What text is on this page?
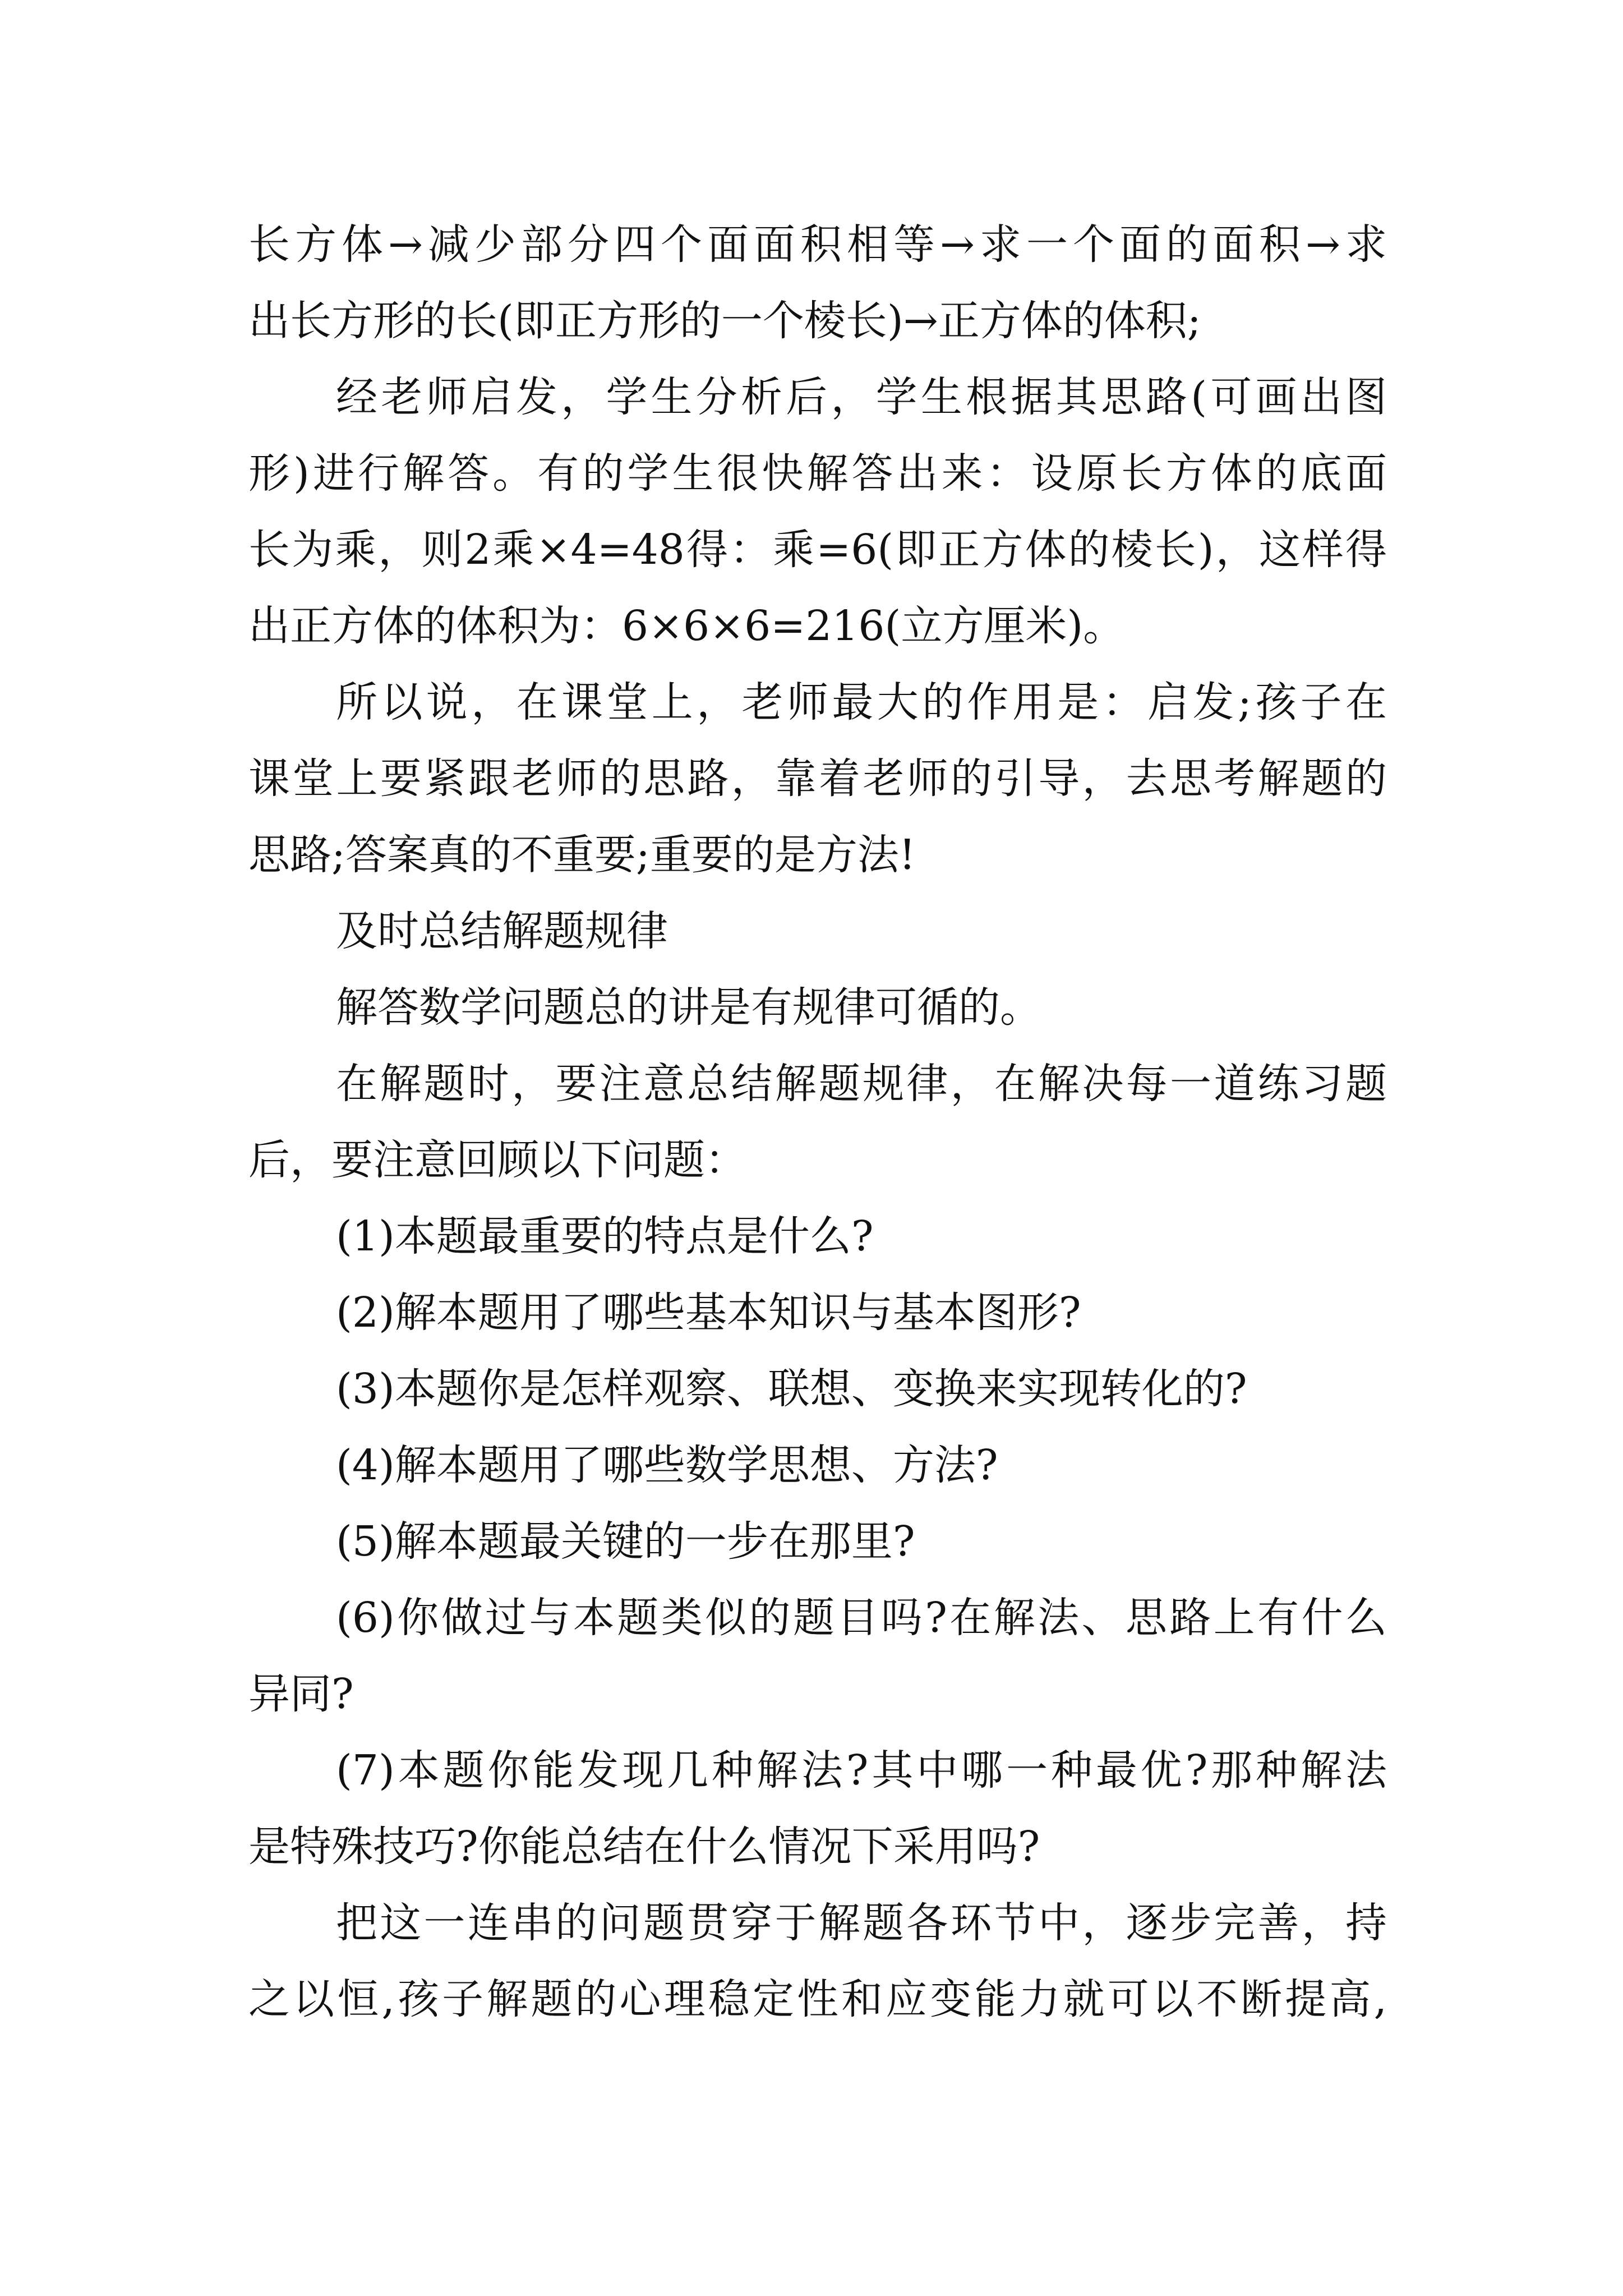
长方体→减少部分四个面面积相等→求一个面的面积→求
出长方形的长(即正方形的一个棱长)→正方体的体积;
经老师启发，学生分析后，学生根据其思路(可画出图
形)进行解答。有的学生很快解答出来：设原长方体的底面
长为乘，则2乘×4=48得：乘=6(即正方体的棱长)，这样得
出正方体的体积为：6×6×6=216(立方厘米)。
所以说，在课堂上，老师最大的作用是：启发;孩子在
课堂上要紧跟老师的思路，靠着老师的引导，去思考解题的
思路;答案真的不重要;重要的是方法!
及时总结解题规律
解答数学问题总的讲是有规律可循的。
在解题时，要注意总结解题规律，在解决每一道练习题
后，要注意回顾以下问题：
(1)本题最重要的特点是什么?
(2)解本题用了哪些基本知识与基本图形?
(3)本题你是怎样观察、联想、变换来实现转化的?
(4)解本题用了哪些数学思想、方法?
(5)解本题最关键的一步在那里?
(6)你做过与本题类似的题目吗?在解法、思路上有什么
异同?
(7)本题你能发现几种解法?其中哪一种最优?那种解法
是特殊技巧?你能总结在什么情况下采用吗?
把这一连串的问题贯穿于解题各环节中，逐步完善，持
之以恒,孩子解题的心理稳定性和应变能力就可以不断提高,
